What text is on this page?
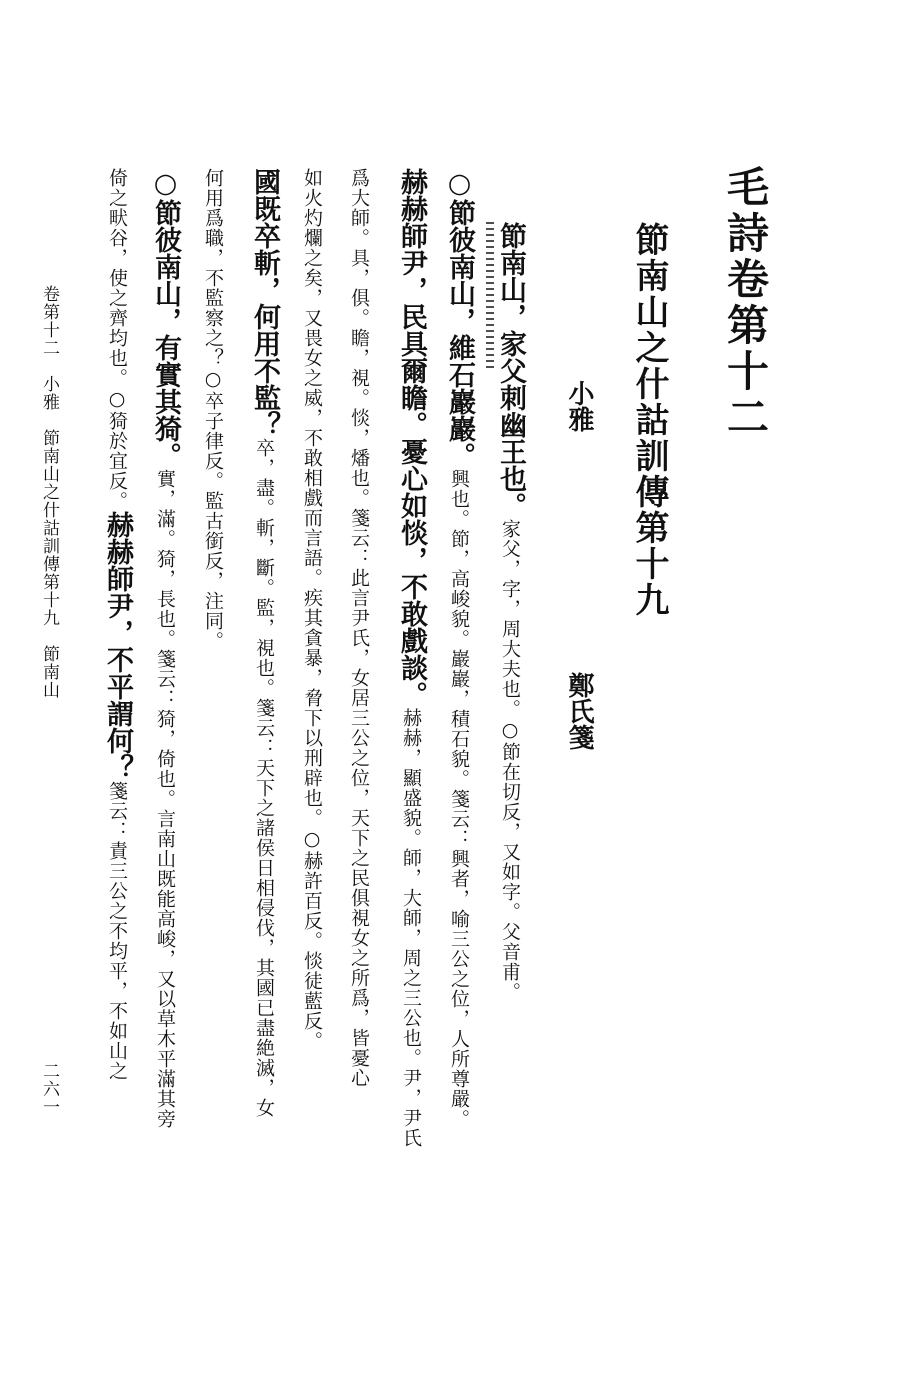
毛詩卷第十二
節南山之什詁訓傳第十九
小雅
鄭氏箋
節南山，家父刺幽王也。家父，字，周大夫也。○節在切反，又如字。父音甫。
○節彼南山，維石巖巖。興也。節，高峻貌。巖巖，積石貌。箋云：興者，喻三公之位，人所尊嚴。
赫赫師尹，民具爾瞻。憂心如惔，不敢戲談。赫赫，顯盛貌。師，大師，周之三公也。尹，尹氏
爲大師。具，俱。瞻，視。惔，燔也。箋云：此言尹氏，女居三公之位，天下之民俱視女之所爲，皆憂心
如火灼爛之矣，又畏女之威，不敢相戲而言語。疾其貪暴，脅下以刑辟也。○赫許百反。惔徒藍反。
國既卒斬，何用不監？卒，盡。斬，斷。監，視也。箋云：天下之諸侯日相侵伐，其國已盡絶滅，女
何用爲職，不監察之？○卒子律反。監古銜反，注同。
○節彼南山，有實其猗。實，滿。猗，長也。箋云：猗，倚也。言南山既能高峻，又以草木平滿其旁
倚之畎谷，使之齊均也。○猗於宜反。赫赫師尹，不平謂何？箋云：責三公之不均平，不如山之
卷第十二　小雅　節南山之什詁訓傳第十九　節南山
二六一
